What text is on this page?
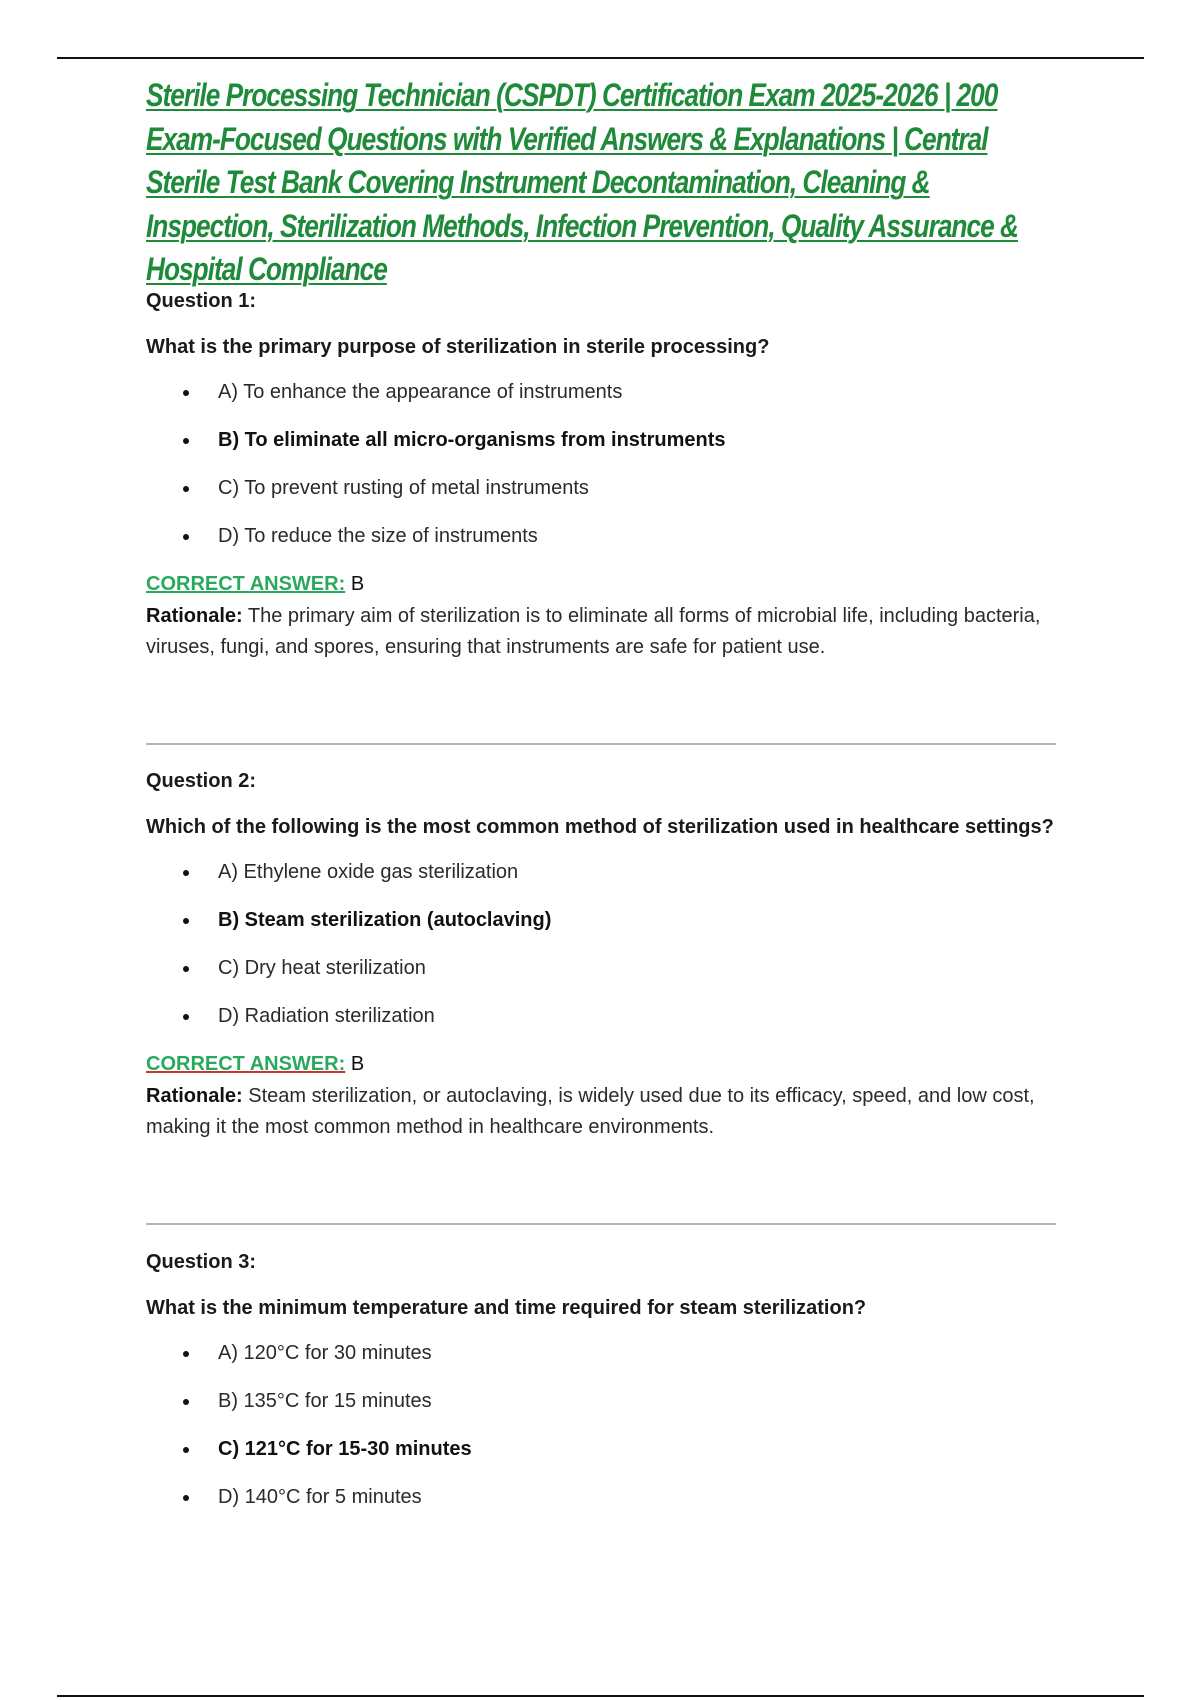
Sterile Processing Technician (CSPDT) Certification Exam 2025-2026 | 200 Exam-Focused Questions with Verified Answers & Explanations | Central Sterile Test Bank Covering Instrument Decontamination, Cleaning & Inspection, Sterilization Methods, Infection Prevention, Quality Assurance & Hospital Compliance

Question 1:

What is the primary purpose of sterilization in sterile processing?

A) To enhance the appearance of instruments
B) To eliminate all micro-organisms from instruments
C) To prevent rusting of metal instruments
D) To reduce the size of instruments

CORRECT ANSWER: B

Rationale: The primary aim of sterilization is to eliminate all forms of microbial life, including bacteria, viruses, fungi, and spores, ensuring that instruments are safe for patient use.

Question 2:

Which of the following is the most common method of sterilization used in healthcare settings?

A) Ethylene oxide gas sterilization
B) Steam sterilization (autoclaving)
C) Dry heat sterilization
D) Radiation sterilization

CORRECT ANSWER: B

Rationale: Steam sterilization, or autoclaving, is widely used due to its efficacy, speed, and low cost, making it the most common method in healthcare environments.

Question 3:

What is the minimum temperature and time required for steam sterilization?

A) 120°C for 30 minutes
B) 135°C for 15 minutes
C) 121°C for 15-30 minutes
D) 140°C for 5 minutes
